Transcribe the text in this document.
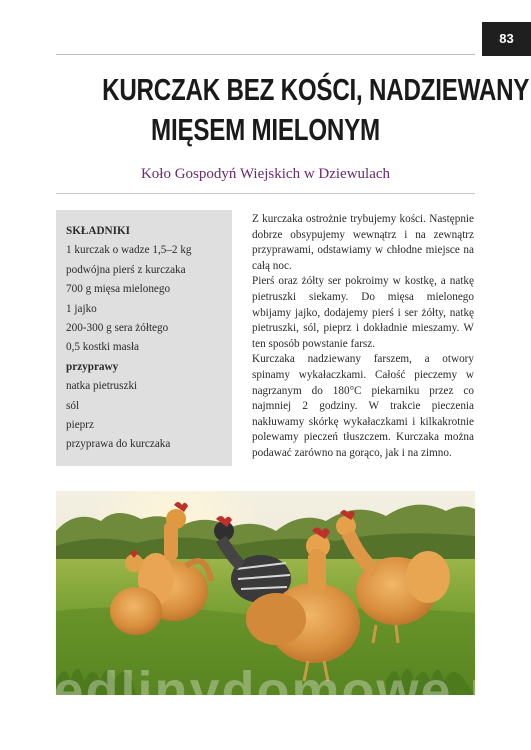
83
KURCZAK BEZ KOŚCI, NADZIEWANY
MIĘSEM MIELONYM
Koło Gospodyń Wiejskich w Dziewulach
SKŁADNIKI
1 kurczak o wadze 1,5–2 kg
podwójna pierś z kurczaka
700 g mięsa mielonego
1 jajko
200-300 g sera żółtego
0,5 kostki masła
przyprawy
natka pietruszki
sól
pieprz
przyprawa do kurczaka

Z kurczaka ostrożnie trybujemy kości. Następnie dobrze obsypujemy wewnątrz i na zewnątrz przyprawami, odstawiamy w chłodne miejsce na całą noc.

Pierś oraz żółty ser pokroimy w kostkę, a natkę pietruszki siekamy. Do mięsa mielonego wbijamy jajko, dodajemy pierś i ser żółty, natkę pietruszki, sól, pieprz i dokładnie mieszamy. W ten sposób powstanie farsz.

Kurczaka nadziewany farszem, a otwory spinamy wykałaczkami. Całość pieczemy w nagrzanym do 180°C piekarniku przez co najmniej 2 godziny. W trakcie pieczenia nakłuwamy skórkę wykałaczkami i kilkakrotnie polewamy pieczeń tłuszczem. Kurczaka można podawać zarówno na gorąco, jak i na zimno.

wedlinydomowe.pl
